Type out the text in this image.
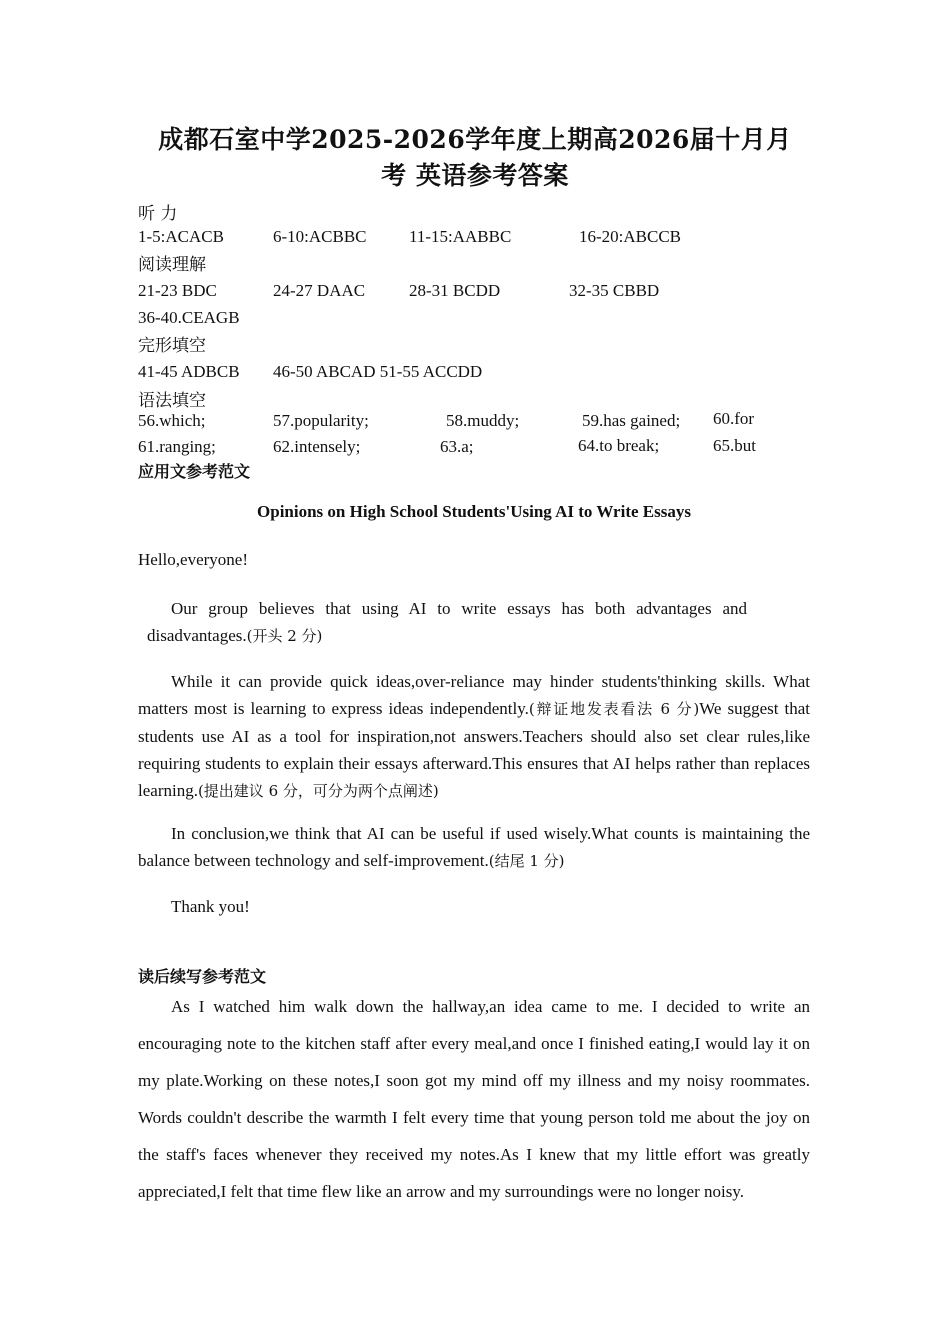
成都石室中学2025-2026学年度上期高2026届十月月
考 英语参考答案
听 力
1-5:ACACB	6-10:ACBBC 11-15:AABBC	16-20:ABCCB
阅读理解
21-23 BDC	24-27 DAAC	28-31 BCDD	32-35 CBBD
36-40.CEAGB
完形填空
41-45 ADBCB 46-50 ABCAD 51-55 ACCDD
语法填空
56.which;	57.popularity;	58.muddy;	59.has gained; 60.for
61.ranging;	62.intensely;	63.a;	64.to break;	65.but
应用文参考范文
Opinions on High School Students'Using AI to Write Essays
Hello,everyone!
Our group believes that using AI to write essays has both advantages and disadvantages.(开头 2 分)
While it can provide quick ideas,over-reliance may hinder students'thinking skills. What matters most is learning to express ideas independently.(辩证地发表看法 6 分)We suggest that students use AI as a tool for inspiration,not answers.Teachers should also set clear rules,like requiring students to explain their essays afterward.This ensures that AI helps rather than replaces learning.(提出建议 6 分，可分为两个点阐述)
In conclusion,we think that AI can be useful if used wisely.What counts is maintaining the balance between technology and self-improvement.(结尾 1 分)
Thank you!
读后续写参考范文
As I watched him walk down the hallway,an idea came to me. I decided to write an encouraging note to the kitchen staff after every meal,and once I finished eating,I would lay it on my plate.Working on these notes,I soon got my mind off my illness and my noisy roommates. Words couldn't describe the warmth I felt every time that young person told me about the joy on the staff's faces whenever they received my notes.As I knew that my little effort was greatly appreciated,I felt that time flew like an arrow and my surroundings were no longer noisy.
